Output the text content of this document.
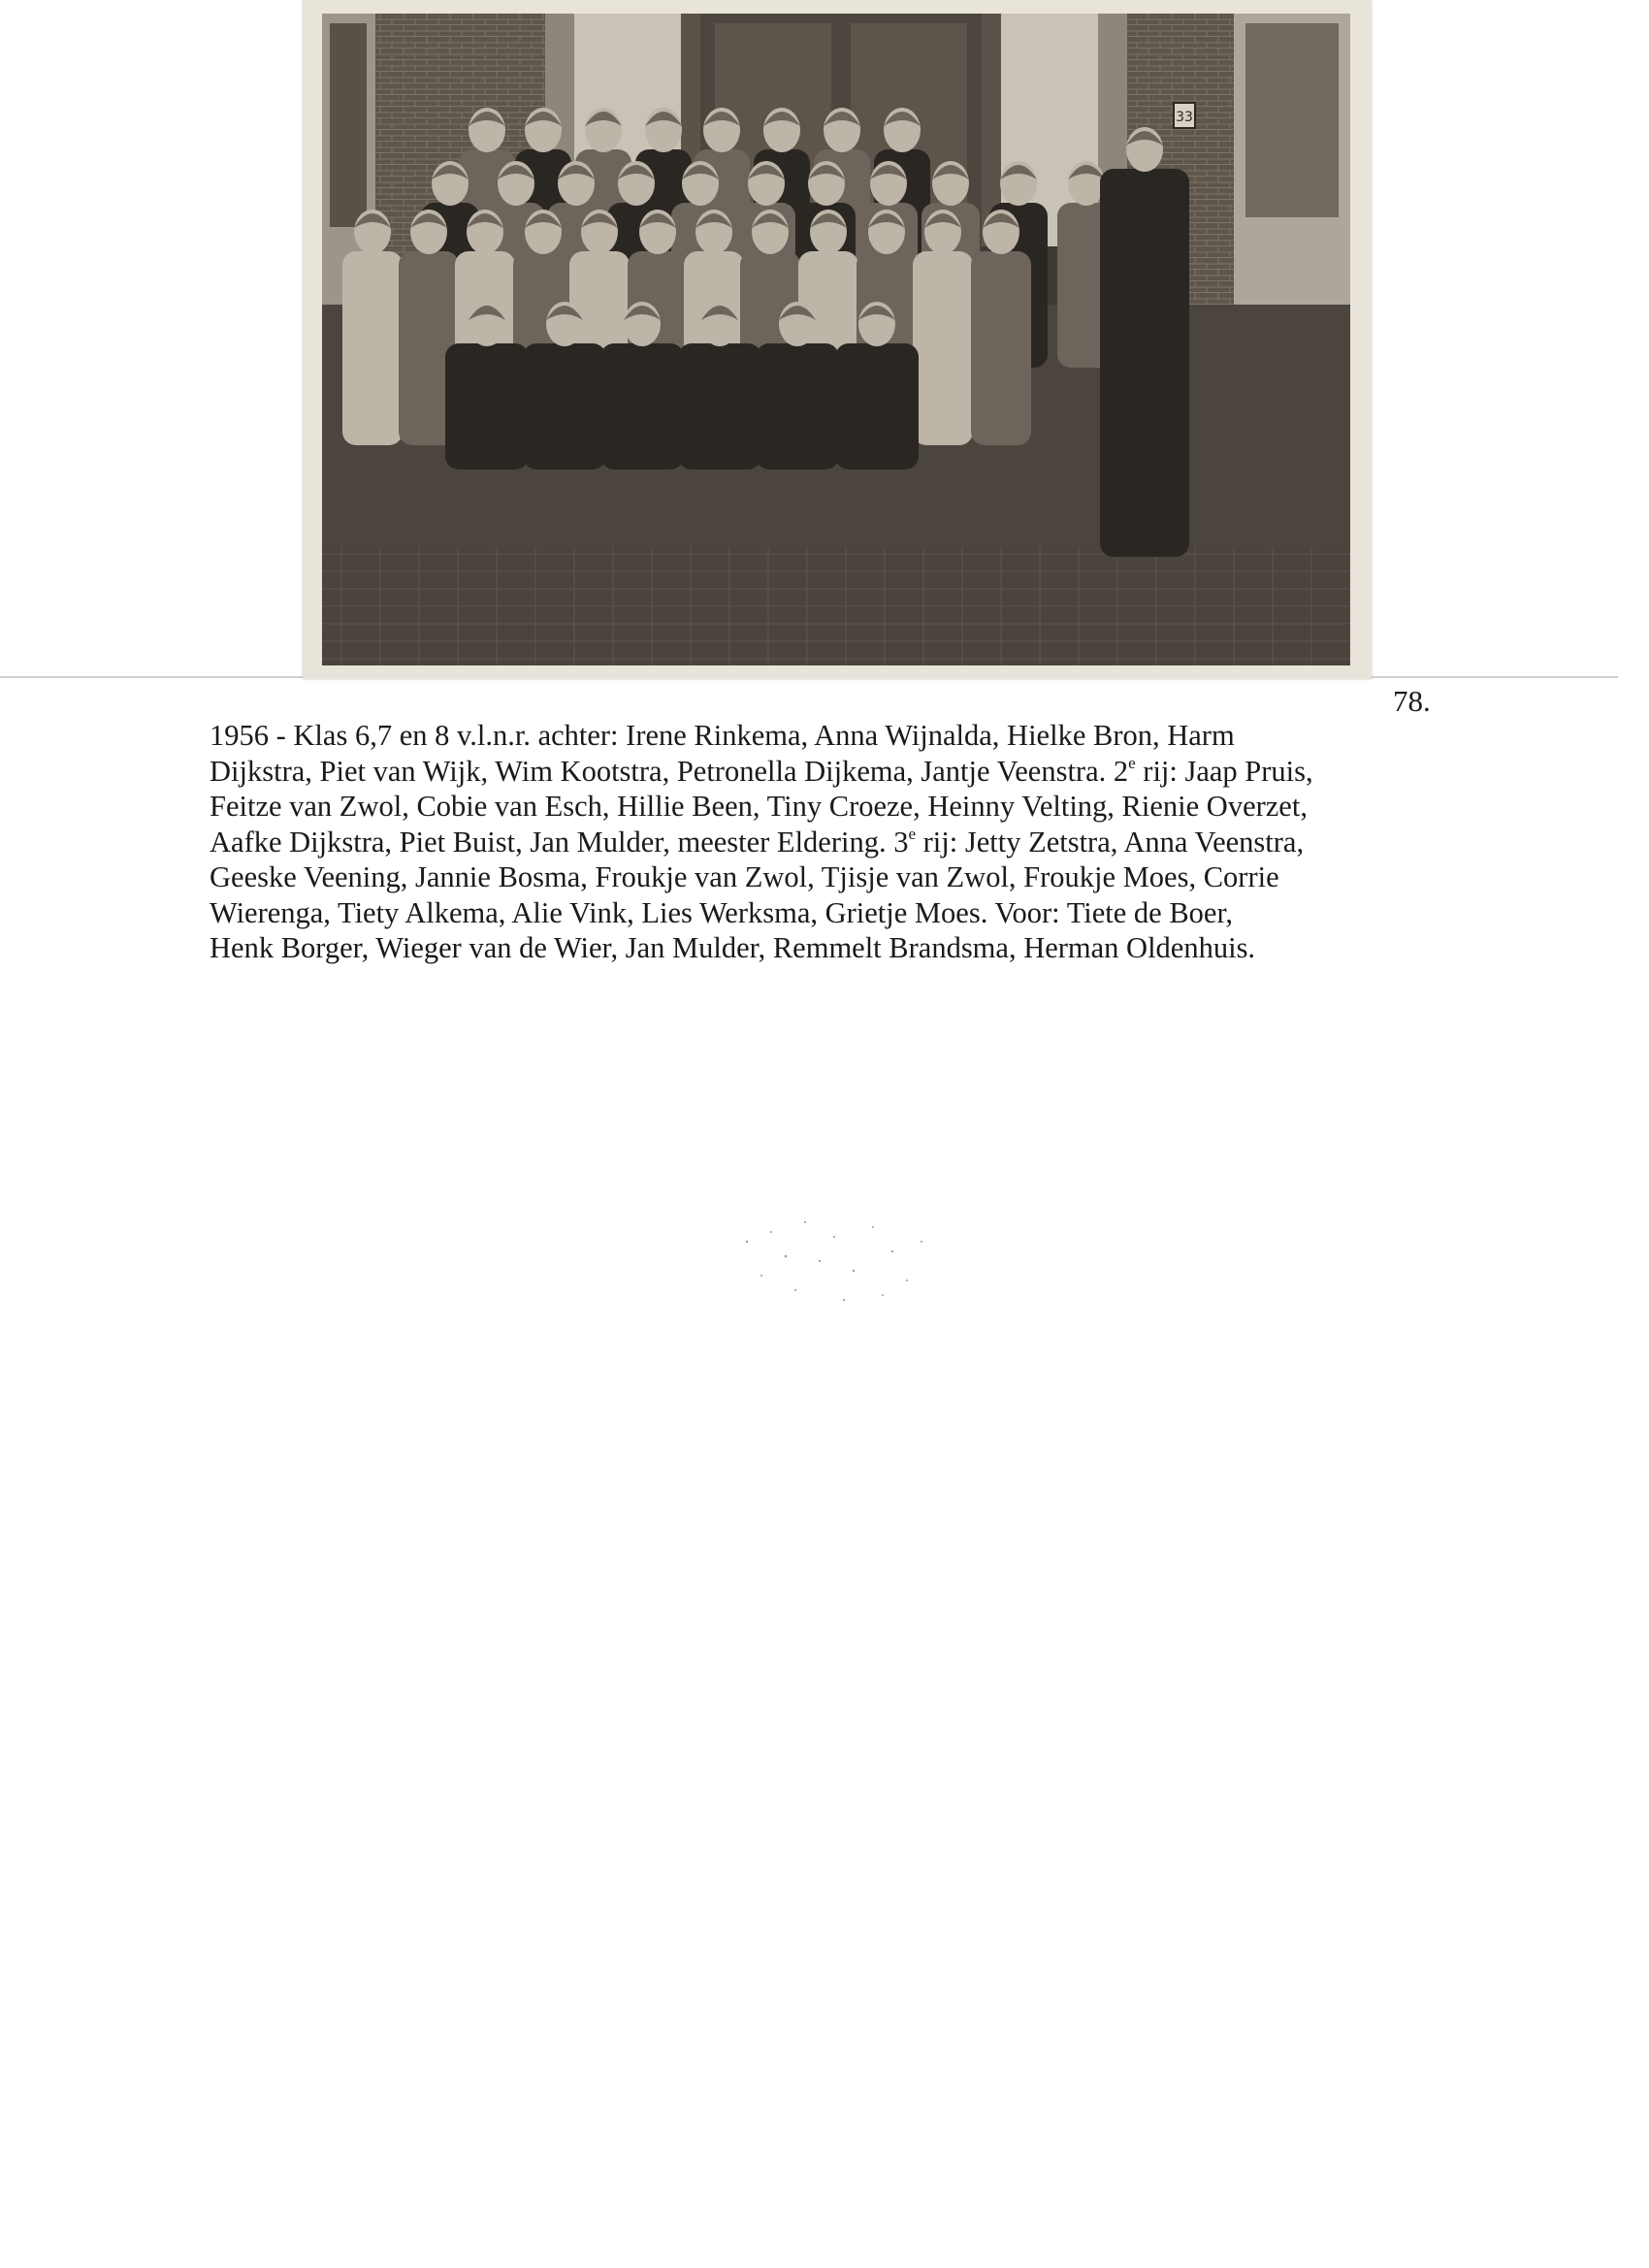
33
78.

1956 - Klas 6,7 en 8 v.l.n.r. achter: Irene Rinkema, Anna Wijnalda, Hielke Bron, Harm
Dijkstra, Piet van Wijk, Wim Kootstra, Petronella Dijkema, Jantje Veenstra. 2e rij: Jaap Pruis,
Feitze van Zwol, Cobie van Esch, Hillie Been, Tiny Croeze, Heinny Velting, Rienie Overzet,
Aafke Dijkstra, Piet Buist, Jan Mulder, meester Eldering. 3e rij: Jetty Zetstra, Anna Veenstra,
Geeske Veening, Jannie Bosma, Froukje van Zwol, Tjisje van Zwol, Froukje Moes, Corrie
Wierenga, Tiety Alkema, Alie Vink, Lies Werksma, Grietje Moes. Voor: Tiete de Boer,
Henk Borger, Wieger van de Wier, Jan Mulder, Remmelt Brandsma, Herman Oldenhuis.
